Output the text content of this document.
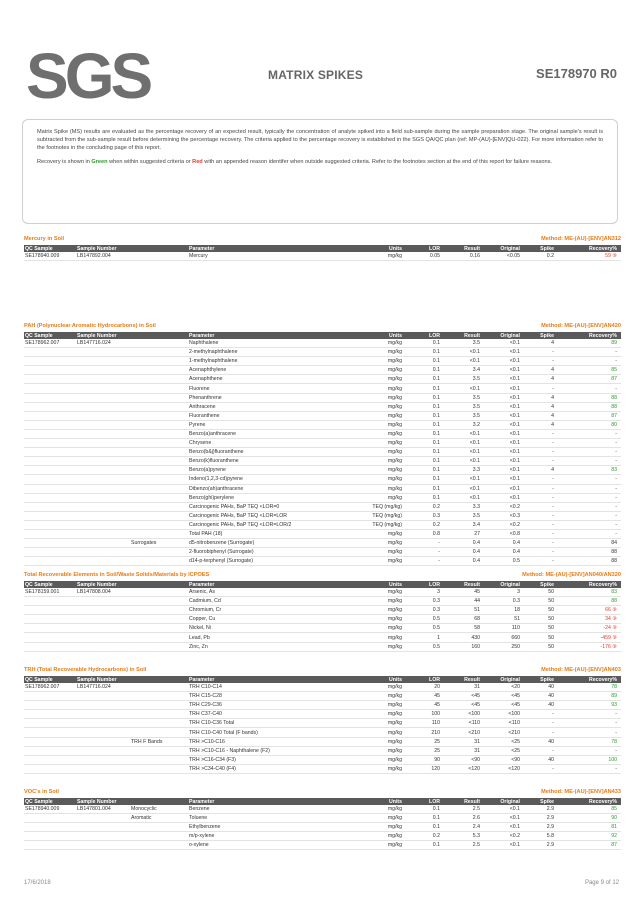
SGS	MATRIX SPIKES	SE178970 R0

Matrix Spike (MS) results are evaluated as the percentage recovery of an expected result, typically the concentration of analyte spiked into a field sub-sample during the sample preparation stage. The original sample's result is subtracted from the sub-sample result before determining the percentage recovery. The criteria applied to the percentage recovery is established in the SGS QA/QC plan (ref: MP-(AU)-[ENV]QU-022). For more information refer to the footnotes in the concluding page of this report.

Recovery is shown in Green when within suggested criteria or Red with an appended reason identifer when outside suggested criteria. Refer to the footnotes section at the end of this report for failure reasons.

Mercury in Soil	Method: ME-(AU)-[ENV]AN312
QC Sample	Sample Number		Parameter	Units	LOR	Result	Original	Spike	Recovery%
SE178940.009	LB147892.004		Mercury	mg/kg	0.05	0.16	<0.05	0.2	59 ⑨
PAH (Polynuclear Aromatic Hydrocarbons) in Soil	Method: ME-(AU)-[ENV]AN420
QC Sample	Sample Number		Parameter	Units	LOR	Result	Original	Spike	Recovery%
SE178962.007	LB147716.024		Naphthalene	mg/kg	0.1	3.5	<0.1	4	89
			2-methylnaphthalene	mg/kg	0.1	<0.1	<0.1	-	-
			1-methylnaphthalene	mg/kg	0.1	<0.1	<0.1	-	-
			Acenaphthylene	mg/kg	0.1	3.4	<0.1	4	85
			Acenaphthene	mg/kg	0.1	3.5	<0.1	4	87
			Fluorene	mg/kg	0.1	<0.1	<0.1	-	-
			Phenanthrene	mg/kg	0.1	3.5	<0.1	4	88
			Anthracene	mg/kg	0.1	3.5	<0.1	4	88
			Fluoranthene	mg/kg	0.1	3.5	<0.1	4	87
			Pyrene	mg/kg	0.1	3.2	<0.1	4	80
			Benzo(a)anthracene	mg/kg	0.1	<0.1	<0.1	-	-
			Chrysene	mg/kg	0.1	<0.1	<0.1	-	-
			Benzo(b&j)fluoranthene	mg/kg	0.1	<0.1	<0.1	-	-
			Benzo(k)fluoranthene	mg/kg	0.1	<0.1	<0.1	-	-
			Benzo(a)pyrene	mg/kg	0.1	3.3	<0.1	4	83
			Indeno(1,2,3-cd)pyrene	mg/kg	0.1	<0.1	<0.1	-	-
			Dibenzo(ah)anthracene	mg/kg	0.1	<0.1	<0.1	-	-
			Benzo(ghi)perylene	mg/kg	0.1	<0.1	<0.1	-	-
			Carcinogenic PAHs, BaP TEQ <LOR=0	TEQ (mg/kg)	0.2	3.3	<0.2	-	-
			Carcinogenic PAHs, BaP TEQ <LOR=LOR	TEQ (mg/kg)	0.3	3.5	<0.3	-	-
			Carcinogenic PAHs, BaP TEQ <LOR=LOR/2	TEQ (mg/kg)	0.2	3.4	<0.2	-	-
			Total PAH (18)	mg/kg	0.8	27	<0.8	-	-
		Surrogates	d5-nitrobenzene (Surrogate)	mg/kg	-	0.4	0.4	-	84
			2-fluorobiphenyl (Surrogate)	mg/kg	-	0.4	0.4	-	88
			d14-p-terphenyl (Surrogate)	mg/kg	-	0.4	0.5	-	88
Total Recoverable Elements in Soil/Waste Solids/Materials by ICPOES	Method: ME-(AU)-[ENV]AN040/AN320
QC Sample	Sample Number		Parameter	Units	LOR	Result	Original	Spike	Recovery%
SE178159.001	LB147808.004		Arsenic, As	mg/kg	3	45	3	50	83
			Cadmium, Cd	mg/kg	0.3	44	0.3	50	88
			Chromium, Cr	mg/kg	0.3	51	18	50	66 ⑨
			Copper, Cu	mg/kg	0.5	68	51	50	34 ⑨
			Nickel, Ni	mg/kg	0.5	58	110	50	-24 ⑨
			Lead, Pb	mg/kg	1	430	660	50	-459 ⑨
			Zinc, Zn	mg/kg	0.5	160	250	50	-176 ⑨
TRH (Total Recoverable Hydrocarbons) in Soil	Method: ME-(AU)-[ENV]AN403
QC Sample	Sample Number		Parameter	Units	LOR	Result	Original	Spike	Recovery%
SE178962.007	LB147716.024		TRH C10-C14	mg/kg	20	31	<20	40	78
			TRH C15-C28	mg/kg	45	<45	<45	40	89
			TRH C29-C36	mg/kg	45	<45	<45	40	93
			TRH C37-C40	mg/kg	100	<100	<100	-	-
			TRH C10-C36 Total	mg/kg	110	<110	<110	-	-
			TRH C10-C40 Total (F bands)	mg/kg	210	<210	<210	-	-
		TRH F Bands	TRH >C10-C16	mg/kg	25	31	<25	40	78
			TRH >C10-C16 - Naphthalene (F2)	mg/kg	25	31	<25	-	-
			TRH >C16-C34 (F3)	mg/kg	90	<90	<90	40	100
			TRH >C34-C40 (F4)	mg/kg	120	<120	<120	-	-
VOC's in Soil	Method: ME-(AU)-[ENV]AN433
QC Sample	Sample Number		Parameter	Units	LOR	Result	Original	Spike	Recovery%
SE178940.009	LB147801.004	Monocyclic	Benzene	mg/kg	0.1	2.5	<0.1	2.9	85
		Aromatic	Toluene	mg/kg	0.1	2.6	<0.1	2.9	90
			Ethylbenzene	mg/kg	0.1	2.4	<0.1	2.9	81
			m/p-xylene	mg/kg	0.2	5.3	<0.2	5.8	92
			o-xylene	mg/kg	0.1	2.5	<0.1	2.9	87
17/6/2018	Page 9 of 12
